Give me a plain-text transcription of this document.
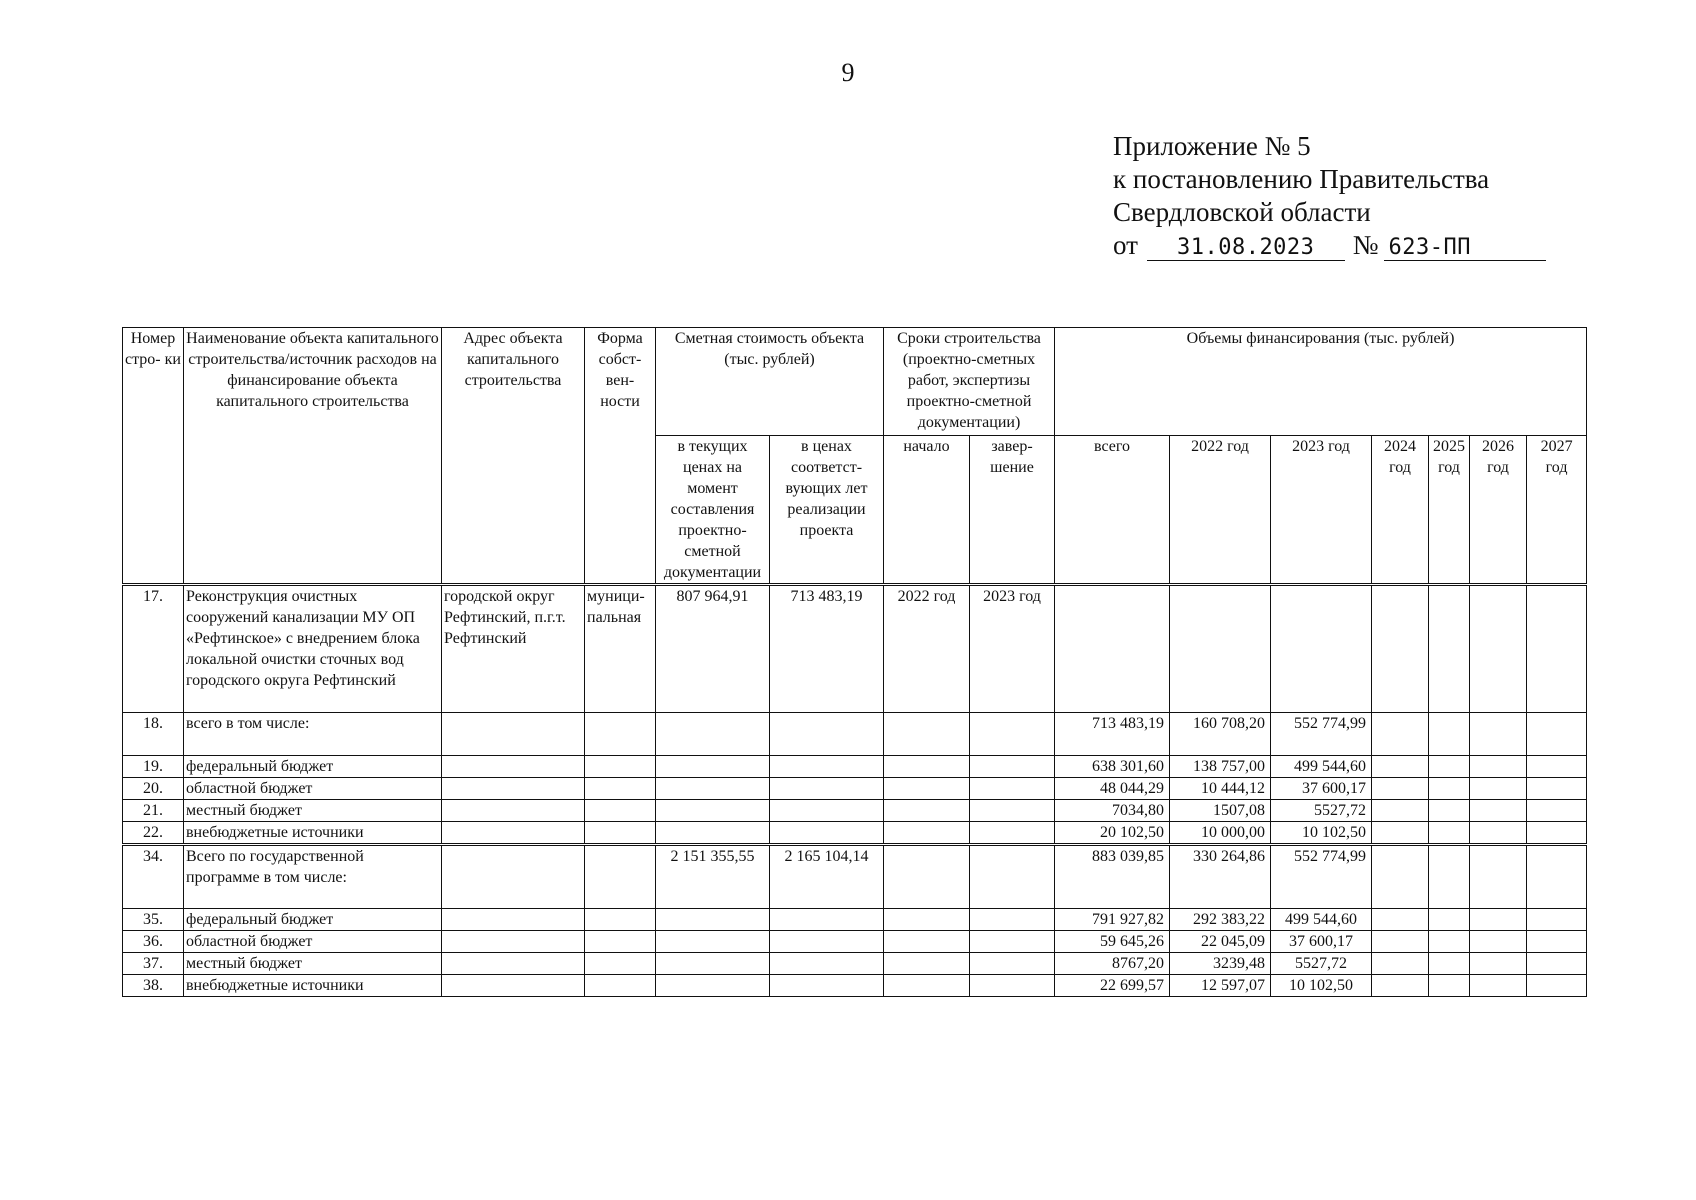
9
Приложение № 5
к постановлению Правительства
Свердловской области
от 31.08.2023 № 623-ПП
Номер стро- ки	Наименование объекта капитального строительства/источник расходов на финансирование объекта капитального строительства	Адрес объекта капитального строительства	Форма собст- вен- ности	Сметная стоимость объекта (тыс. рублей)		Сроки строительства (проектно-сметных работ, экспертизы проектно-сметной документации)		Объемы финансирования (тыс. рублей)						
				в текущих ценах на момент составления проектно- сметной документации	в ценах соответст- вующих лет реализации проекта	начало	завер- шение	всего	2022 год	2023 год	2024 год	2025 год	2026 год	2027 год
17.	Реконструкция очистных сооружений канализации МУ ОП «Рефтинское» с внедрением блока локальной очистки сточных вод городского округа Рефтинский	городской округ Рефтинский, п.г.т. Рефтинский	муници- пальная	807 964,91	713 483,19	2022 год	2023 год							
18.	всего в том числе:							713 483,19	160 708,20	552 774,99				
19.	федеральный бюджет							638 301,60	138 757,00	499 544,60				
20.	областной бюджет							48 044,29	10 444,12	37 600,17				
21.	местный бюджет							7034,80	1507,08	5527,72				
22.	внебюджетные источники							20 102,50	10 000,00	10 102,50				
34.	Всего по государственной программе в том числе:			2 151 355,55	2 165 104,14			883 039,85	330 264,86	552 774,99				
35.	федеральный бюджет							791 927,82	292 383,22	499 544,60				
36.	областной бюджет							59 645,26	22 045,09	37 600,17				
37.	местный бюджет							8767,20	3239,48	5527,72				
38.	внебюджетные источники							22 699,57	12 597,07	10 102,50				
